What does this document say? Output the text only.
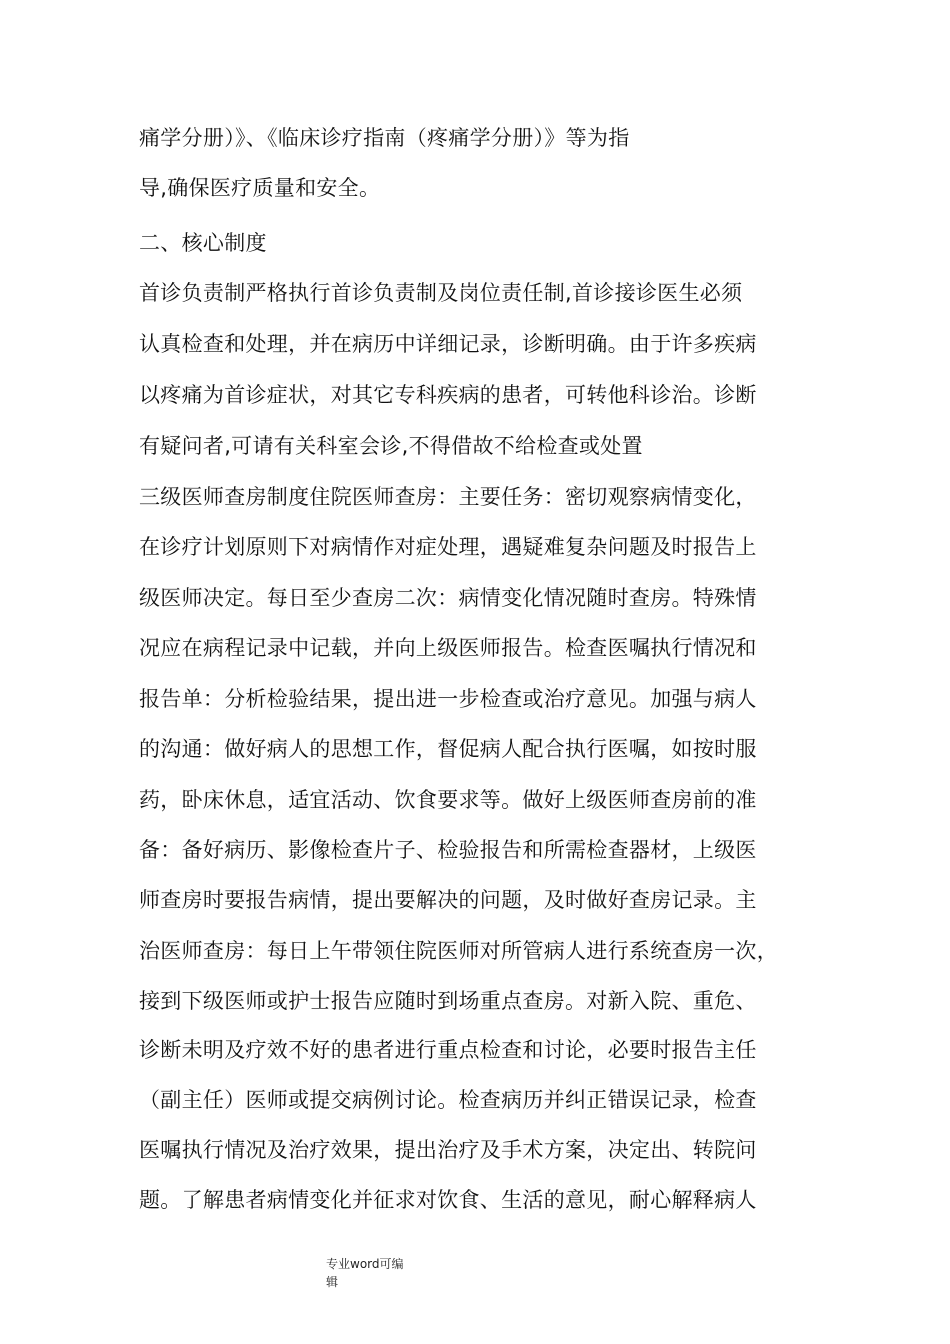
痛学分册）》、《临床诊疗指南（疼痛学分册）》等为指
导,确保医疗质量和安全。
二、核心制度
首诊负责制严格执行首诊负责制及岗位责任制,首诊接诊医生必须
认真检查和处理，并在病历中详细记录，诊断明确。由于许多疾病
以疼痛为首诊症状，对其它专科疾病的患者，可转他科诊治。诊断
有疑问者,可请有关科室会诊,不得借故不给检查或处置
三级医师查房制度住院医师查房：主要任务：密切观察病情变化，
在诊疗计划原则下对病情作对症处理，遇疑难复杂问题及时报告上
级医师决定。每日至少查房二次：病情变化情况随时查房。特殊情
况应在病程记录中记载，并向上级医师报告。检查医嘱执行情况和
报告单：分析检验结果，提出进一步检查或治疗意见。加强与病人
的沟通：做好病人的思想工作，督促病人配合执行医嘱，如按时服
药，卧床休息，适宜活动、饮食要求等。做好上级医师查房前的准
备：备好病历、影像检查片子、检验报告和所需检查器材，上级医
师查房时要报告病情，提出要解决的问题，及时做好查房记录。主
治医师查房：每日上午带领住院医师对所管病人进行系统查房一次，
接到下级医师或护士报告应随时到场重点查房。对新入院、重危、
诊断未明及疗效不好的患者进行重点检查和讨论，必要时报告主任
（副主任）医师或提交病例讨论。检查病历并纠正错误记录，检查
医嘱执行情况及治疗效果，提出治疗及手术方案，决定出、转院问
题。了解患者病情变化并征求对饮食、生活的意见，耐心解释病人
专业word可编
辑
